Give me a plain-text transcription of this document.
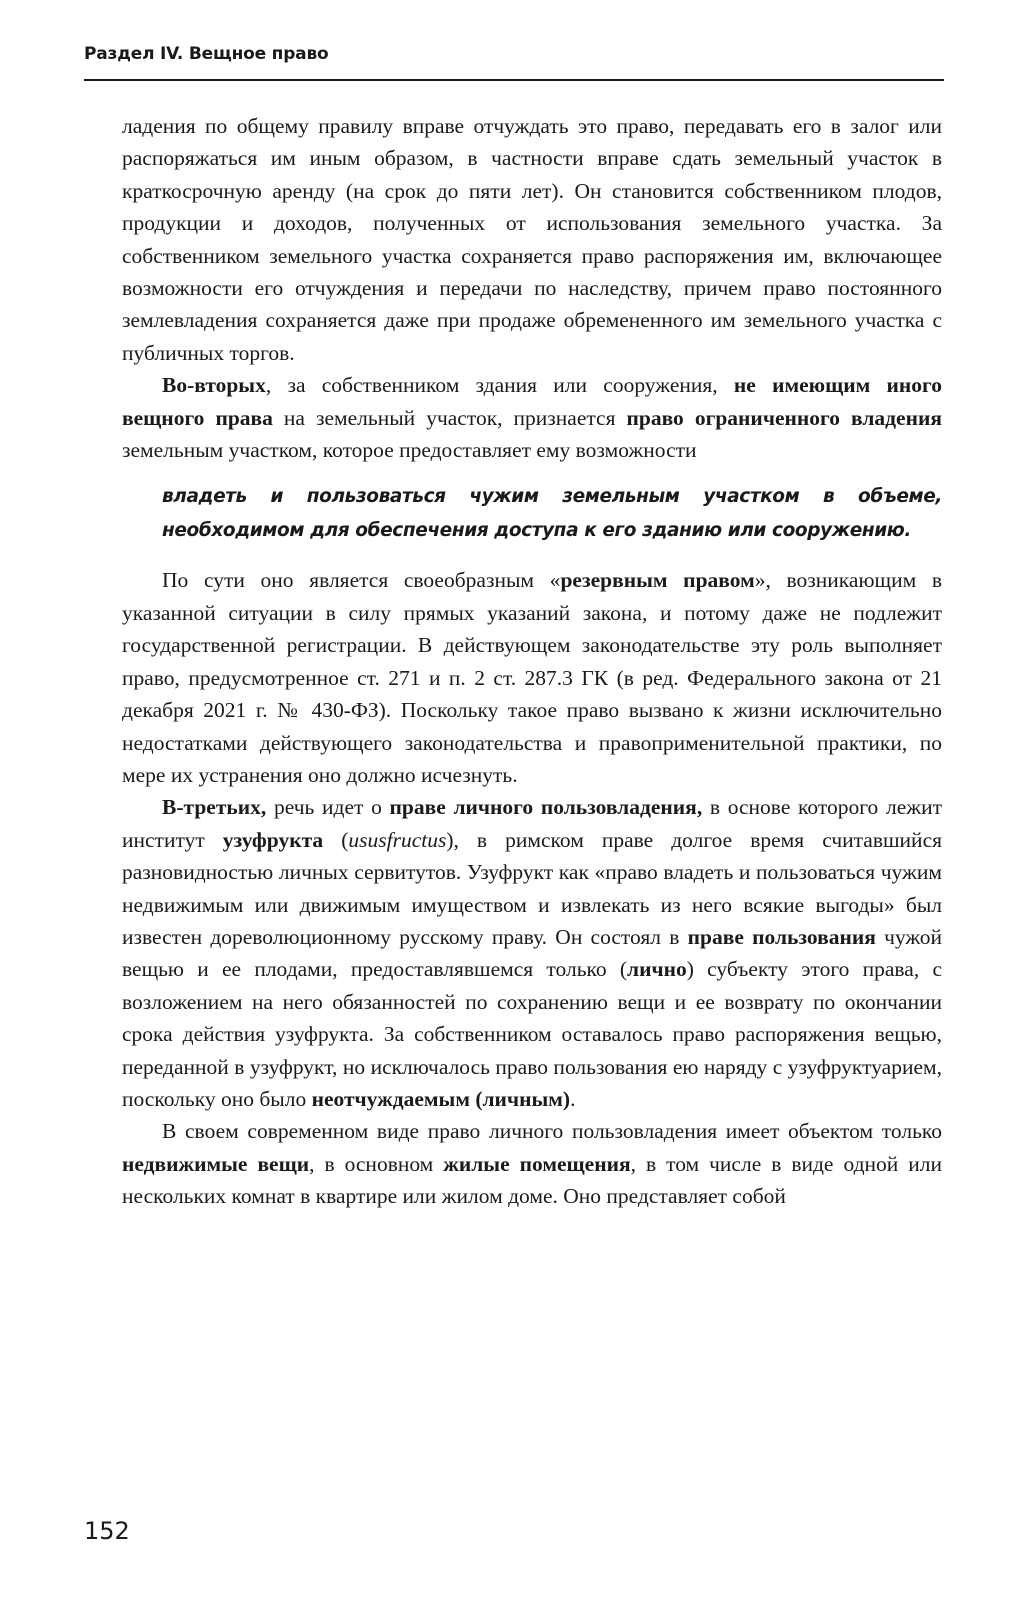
Раздел IV. Вещное право

ладения по общему правилу вправе отчуждать это право, передавать его в залог или распоряжаться им иным образом, в частности вправе сдать земельный участок в краткосрочную аренду (на срок до пяти лет). Он становится собственником плодов, продукции и доходов, полученных от использования земельного участка. За собственником земельного участка сохраняется право распоряжения им, включающее возможности его отчуждения и передачи по наследству, причем право постоянного землевладения сохраняется даже при продаже обремененного им земельного участка с публичных торгов.

Во-вторых, за собственником здания или сооружения, не имеющим иного вещного права на земельный участок, признается право ограниченного владения земельным участком, которое предоставляет ему возможности

владеть и пользоваться чужим земельным участком в объеме, необходимом для обеспечения доступа к его зданию или сооружению.

По сути оно является своеобразным «резервным правом», возникающим в указанной ситуации в силу прямых указаний закона, и потому даже не подлежит государственной регистрации. В действующем законодательстве эту роль выполняет право, предусмотренное ст. 271 и п. 2 ст. 287.3 ГК (в ред. Федерального закона от 21 декабря 2021 г. № 430-ФЗ). Поскольку такое право вызвано к жизни исключительно недостатками действующего законодательства и правоприменительной практики, по мере их устранения оно должно исчезнуть.

В-третьих, речь идет о праве личного пользовладения, в основе которого лежит институт узуфрукта (ususfructus), в римском праве долгое время считавшийся разновидностью личных сервитутов. Узуфрукт как «право владеть и пользоваться чужим недвижимым или движимым имуществом и извлекать из него всякие выгоды» был известен дореволюционному русскому праву. Он состоял в праве пользования чужой вещью и ее плодами, предоставлявшемся только (лично) субъекту этого права, с возложением на него обязанностей по сохранению вещи и ее возврату по окончании срока действия узуфрукта. За собственником оставалось право распоряжения вещью, переданной в узуфрукт, но исключалось право пользования ею наряду с узуфруктуарием, поскольку оно было неотчуждаемым (личным).

В своем современном виде право личного пользовладения имеет объектом только недвижимые вещи, в основном жилые помещения, в том числе в виде одной или нескольких комнат в квартире или жилом доме. Оно представляет собой

152
